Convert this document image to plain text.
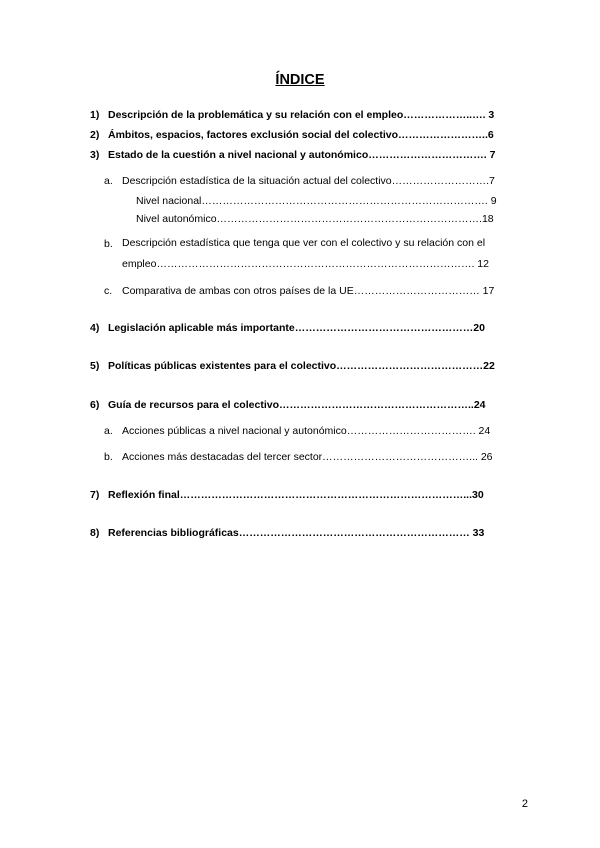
ÍNDICE
1) Descripción de la problemática y su relación con el empleo………………..…. 3
2) Ámbitos, espacios, factores exclusión social del colectivo……………………..6
3) Estado de la cuestión a nivel nacional y autonómico……………………………. 7
a. Descripción estadística de la situación actual del colectivo……………………….7
Nivel nacional………………………………………………………………………. 9
Nivel autonómico………………………………………………………………….18
b. Descripción estadística que tenga que ver con el colectivo y su relación con el
empleo………………………………………………………………………………. 12
c. Comparativa de ambas con otros países de la UE……………………………… 17
4) Legislación aplicable más importante……………………………………………20
5) Políticas públicas existentes para el colectivo……………………………………22
6) Guía de recursos para el colectivo………………………………………………..24
a. Acciones públicas a nivel nacional y autonómico………………………………. 24
b. Acciones más destacadas del tercer sector……………………………………... 26
7) Reflexión final………………………………………………………………………...30
8) Referencias bibliográficas………………………………………………………… 33
2
